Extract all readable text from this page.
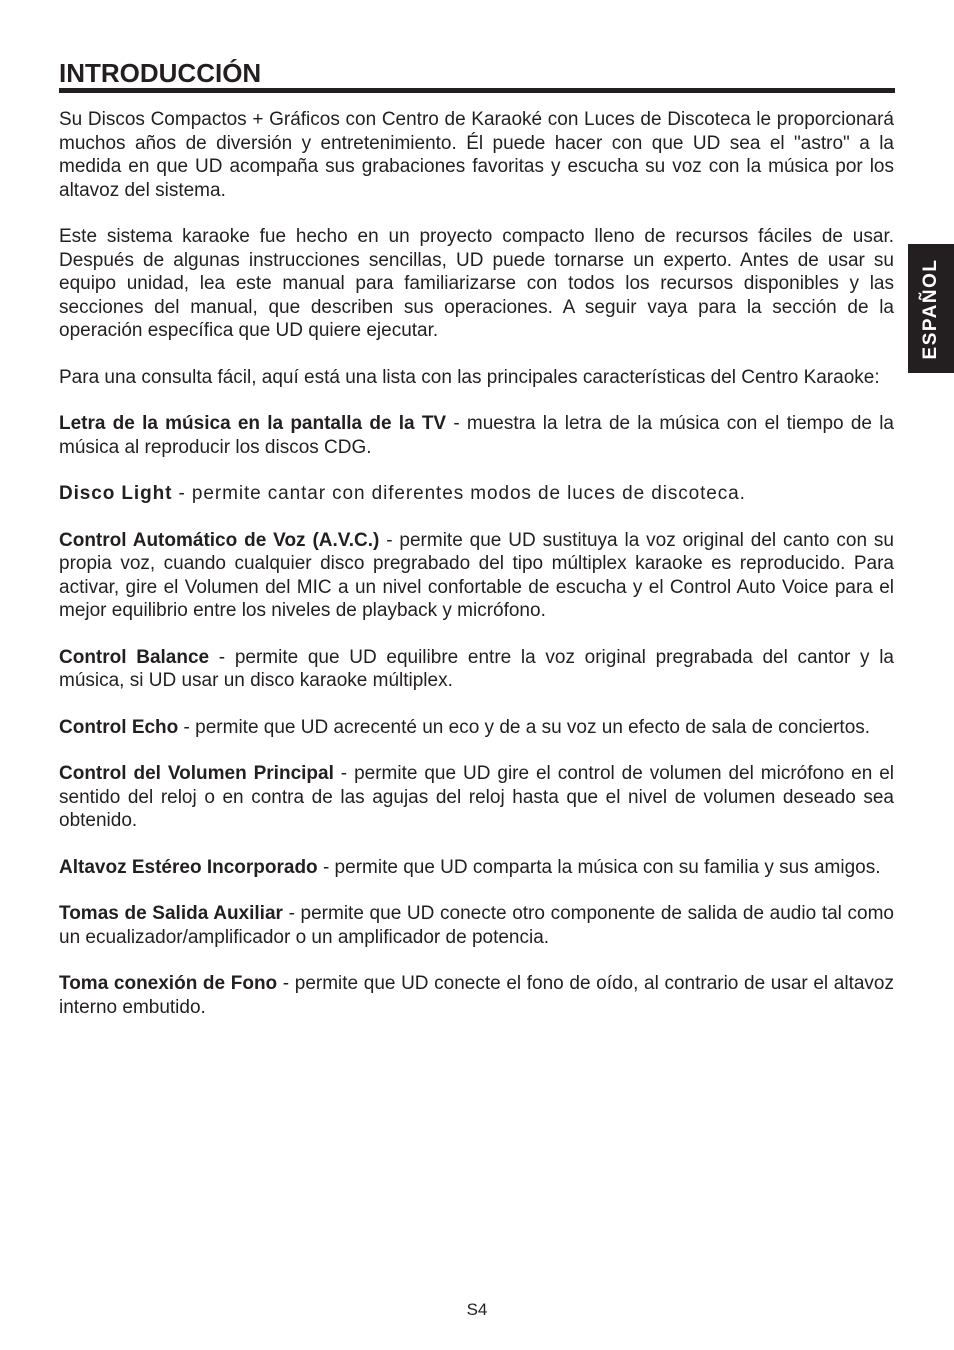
INTRODUCCIÓN
ESPAÑOL

Su Discos Compactos + Gráficos con Centro de Karaoké con Luces de Discoteca le proporcionará muchos años de diversión y entretenimiento. Él puede hacer con que UD sea el "astro" a la medida en que UD acompaña sus grabaciones favoritas y escucha su voz con la música por los altavoz del sistema.

Este sistema karaoke fue hecho en un proyecto compacto lleno de recursos fáciles de usar. Después de algunas instrucciones sencillas, UD puede tornarse un experto. Antes de usar su equipo unidad, lea este manual para familiarizarse con todos los recursos disponibles y las secciones del manual, que describen sus operaciones. A seguir vaya para la sección de la operación específica que UD quiere ejecutar.

Para una consulta fácil, aquí está una lista con las principales características del Centro Karaoke:

Letra de la música en la pantalla de la TV - muestra la letra de la música con el tiempo de la música al reproducir los discos CDG.

Disco Light - permite cantar con diferentes modos de luces de discoteca.

Control Automático de Voz (A.V.C.) - permite que UD sustituya la voz original del canto con su propia voz, cuando cualquier disco pregrabado del tipo múltiplex karaoke es reproducido. Para activar, gire el Volumen del MIC a un nivel confortable de escucha y el Control Auto Voice para el mejor equilibrio entre los niveles de playback y micrófono.

Control Balance - permite que UD equilibre entre la voz original pregrabada del cantor y la música, si UD usar un disco karaoke múltiplex.

Control Echo - permite que UD acrecenté un eco y de a su voz un efecto de sala de conciertos.

Control del Volumen Principal - permite que UD gire el control de volumen del micrófono en el sentido del reloj o en contra de las agujas del reloj hasta que el nivel de volumen deseado sea obtenido.

Altavoz Estéreo Incorporado - permite que UD comparta la música con su familia y sus amigos.

Tomas de Salida Auxiliar - permite que UD conecte otro componente de salida de audio tal como un ecualizador/amplificador o un amplificador de potencia.

Toma conexión de Fono - permite que UD conecte el fono de oído, al contrario de usar el altavoz interno embutido.

S4
